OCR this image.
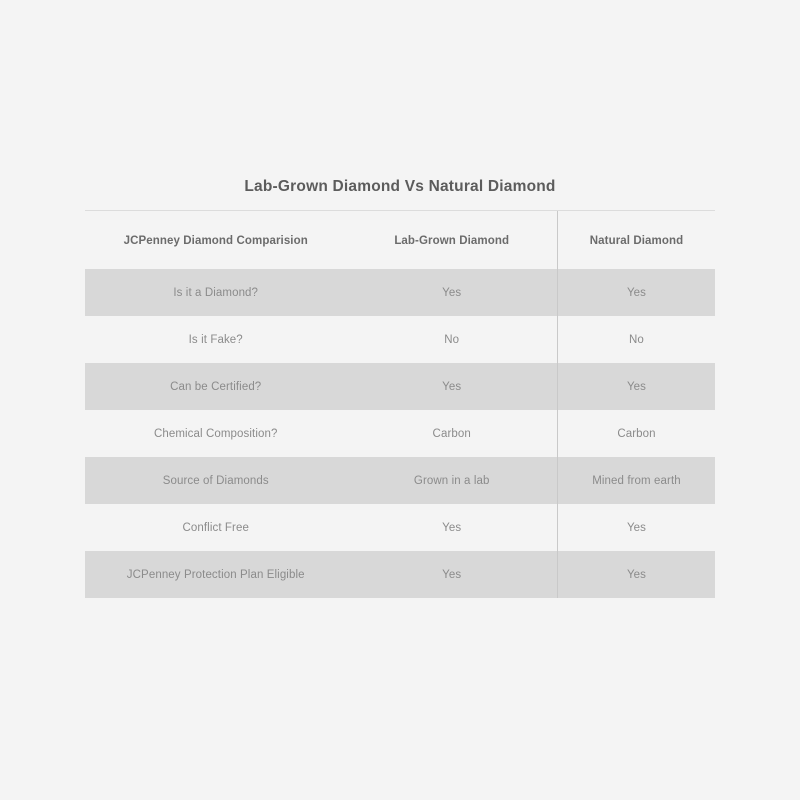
Lab-Grown Diamond Vs Natural Diamond
JCPenney Diamond Comparision	Lab-Grown Diamond	Natural Diamond
Is it a Diamond?	Yes	Yes
Is it Fake?	No	No
Can be Certified?	Yes	Yes
Chemical Composition?	Carbon	Carbon
Source of Diamonds	Grown in a lab	Mined from earth
Conflict Free	Yes	Yes
JCPenney Protection Plan Eligible	Yes	Yes
